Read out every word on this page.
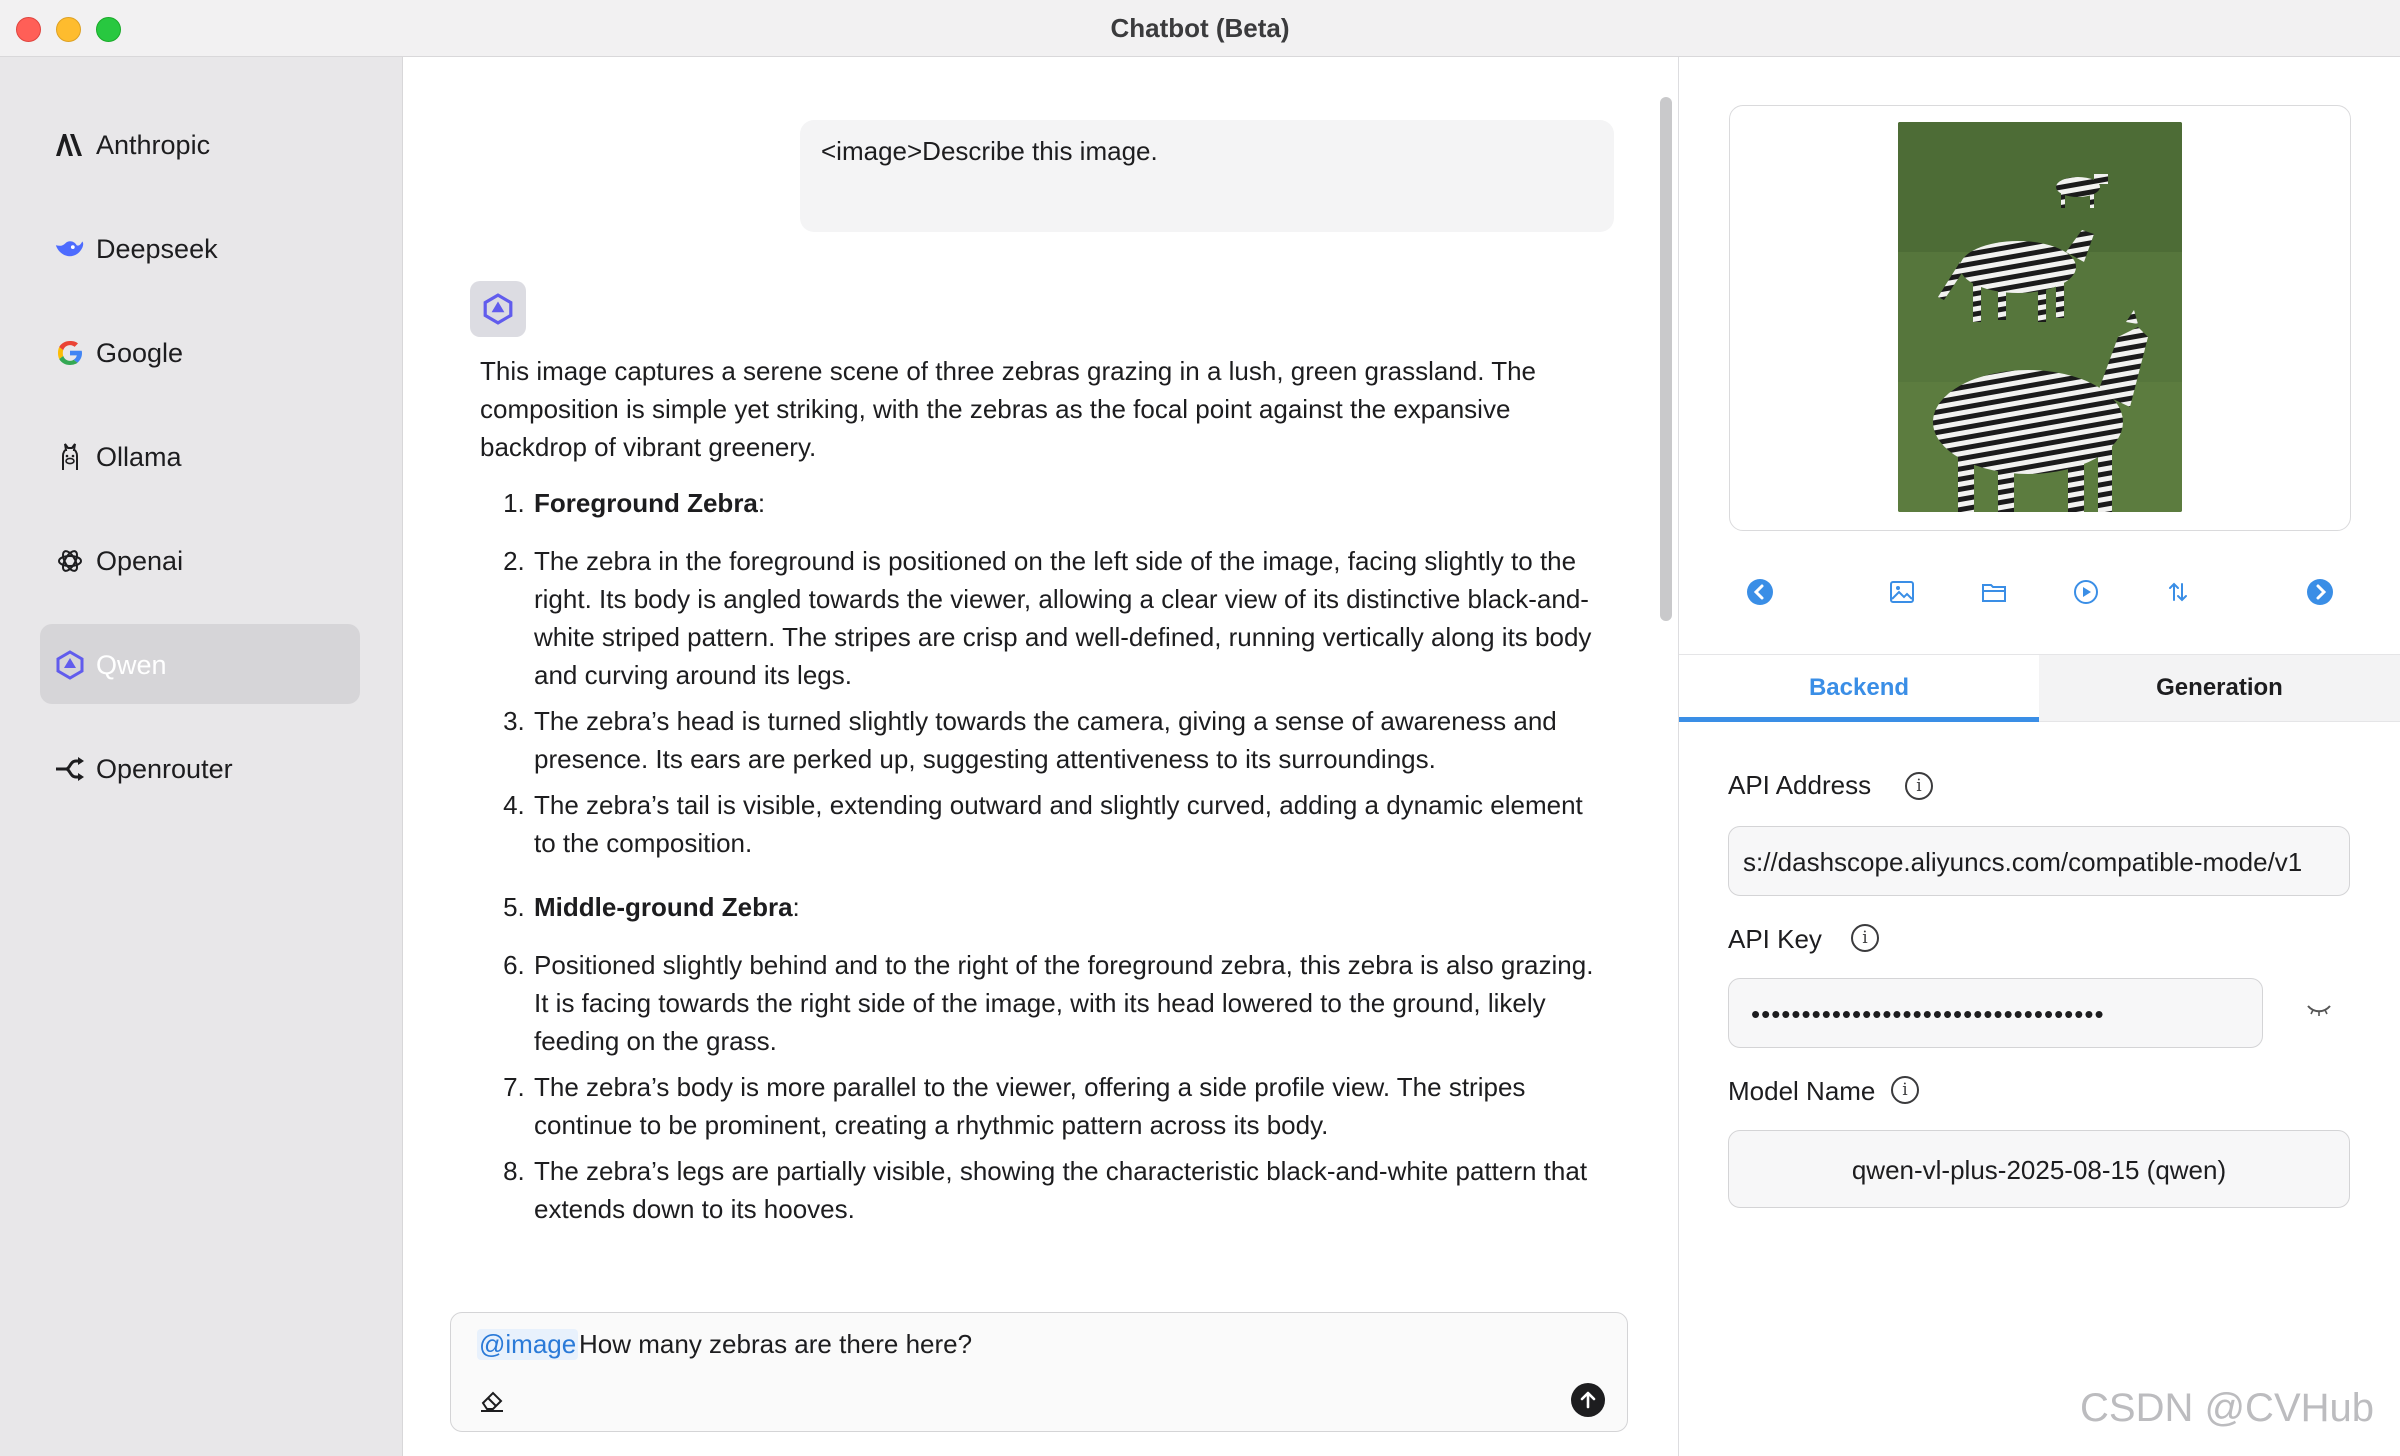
Chatbot (Beta)
Anthropic
Deepseek
Google
Ollama
Openai
Qwen
Openrouter
<image>Describe this image.

This image captures a serene scene of three zebras grazing in a lush, green grassland. The composition is simple yet striking, with the zebras as the focal point against the expansive backdrop of vibrant greenery.

1. Foreground Zebra:
2. The zebra in the foreground is positioned on the left side of the image, facing slightly to the right. Its body is angled towards the viewer, allowing a clear view of its distinctive black-and-white striped pattern. The stripes are crisp and well-defined, running vertically along its body and curving around its legs.
3. The zebra’s head is turned slightly towards the camera, giving a sense of awareness and presence. Its ears are perked up, suggesting attentiveness to its surroundings.
4. The zebra’s tail is visible, extending outward and slightly curved, adding a dynamic element to the composition.
5. Middle-ground Zebra:
6. Positioned slightly behind and to the right of the foreground zebra, this zebra is also grazing. It is facing towards the right side of the image, with its head lowered to the ground, likely feeding on the grass.
7. The zebra’s body is more parallel to the viewer, offering a side profile view. The stripes continue to be prominent, creating a rhythmic pattern across its body.
8. The zebra’s legs are partially visible, showing the characteristic black-and-white pattern that extends down to its hooves.
@image How many zebras are there here?
Backend	Generation
API Address	i
s://dashscope.aliyuncs.com/compatible-mode/v1
API Key	i
•••••••••••••••••••••••••••••••••••
Model Name	i
qwen-vl-plus-2025-08-15 (qwen)
CSDN @CVHub
